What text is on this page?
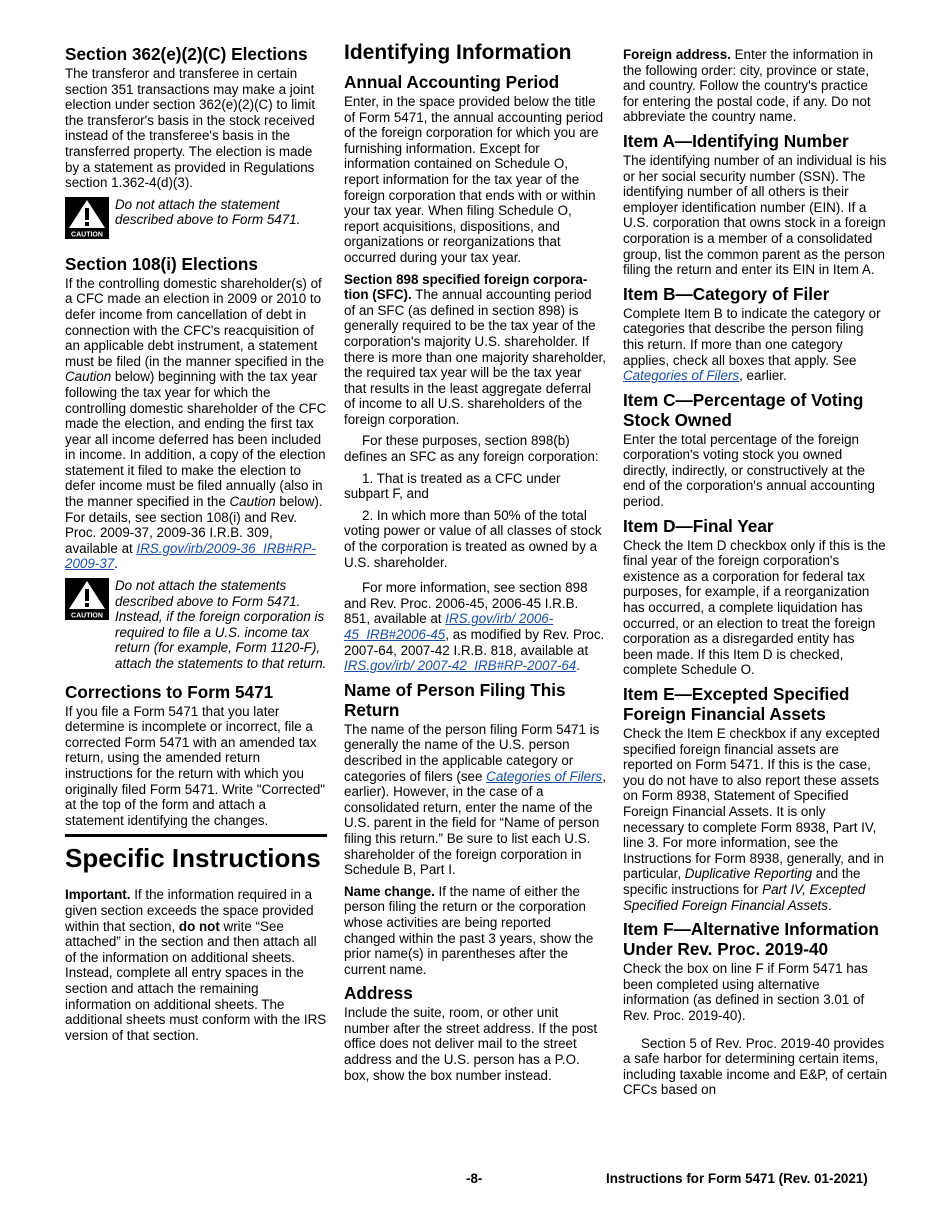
Section 362(e)(2)(C) Elections

The transferor and transferee in certain section 351 transactions may make a joint election under section 362(e)(2)(C) to limit the transferor's basis in the stock received instead of the transferee's basis in the transferred property. The election is made by a statement as provided in Regulations section 1.362-4(d)(3).

CAUTION
Do not attach the statement described above to Form 5471.
Section 108(i) Elections

If the controlling domestic shareholder(s) of a CFC made an election in 2009 or 2010 to defer income from cancellation of debt in connection with the CFC's reacquisition of an applicable debt instrument, a statement must be filed (in the manner specified in the Caution below) beginning with the tax year following the tax year for which the controlling domestic shareholder of the CFC made the election, and ending the first tax year all income deferred has been included in income. In addition, a copy of the election statement it filed to make the election to defer income must be filed annually (also in the manner specified in the Caution below). For details, see section 108(i) and Rev. Proc. 2009-37, 2009-36 I.R.B. 309, available at IRS.gov/irb/2009-36_IRB#RP-2009-37.

CAUTION
Do not attach the statements described above to Form 5471. Instead, if the foreign corporation is required to file a U.S. income tax return (for example, Form 1120-F), attach the statements to that return.
Corrections to Form 5471

If you file a Form 5471 that you later determine is incomplete or incorrect, file a corrected Form 5471 with an amended tax return, using the amended return instructions for the return with which you originally filed Form 5471. Write "Corrected" at the top of the form and attach a statement identifying the changes.

Specific Instructions

Important. If the information required in a given section exceeds the space provided within that section, do not write “See attached” in the section and then attach all of the information on additional sheets. Instead, complete all entry spaces in the section and attach the remaining information on additional sheets. The additional sheets must conform with the IRS version of that section.

Identifying Information
Annual Accounting Period

Enter, in the space provided below the title of Form 5471, the annual accounting period of the foreign corporation for which you are furnishing information. Except for information contained on Schedule O, report information for the tax year of the foreign corporation that ends with or within your tax year. When filing Schedule O, report acquisitions, dispositions, and organizations or reorganizations that occurred during your tax year.

Section 898 specified foreign corpora-tion (SFC). The annual accounting period of an SFC (as defined in section 898) is generally required to be the tax year of the corporation's majority U.S. shareholder. If there is more than one majority shareholder, the required tax year will be the tax year that results in the least aggregate deferral of income to all U.S. shareholders of the foreign corporation.

For these purposes, section 898(b) defines an SFC as any foreign corporation:

1. That is treated as a CFC under subpart F, and

2. In which more than 50% of the total voting power or value of all classes of stock of the corporation is treated as owned by a U.S. shareholder.

For more information, see section 898 and Rev. Proc. 2006-45, 2006-45 I.R.B. 851, available at IRS.gov/irb/ 2006-45_IRB#2006-45, as modified by Rev. Proc. 2007-64, 2007-42 I.R.B. 818, available at IRS.gov/irb/ 2007-42_IRB#RP-2007-64.

Name of Person Filing This Return

The name of the person filing Form 5471 is generally the name of the U.S. person described in the applicable category or categories of filers (see Categories of Filers, earlier). However, in the case of a consolidated return, enter the name of the U.S. parent in the field for “Name of person filing this return.” Be sure to list each U.S. shareholder of the foreign corporation in Schedule B, Part I.

Name change. If the name of either the person filing the return or the corporation whose activities are being reported changed within the past 3 years, show the prior name(s) in parentheses after the current name.

Address

Include the suite, room, or other unit number after the street address. If the post office does not deliver mail to the street address and the U.S. person has a P.O. box, show the box number instead.

Foreign address. Enter the information in the following order: city, province or state, and country. Follow the country's practice for entering the postal code, if any. Do not abbreviate the country name.

Item A—Identifying Number

The identifying number of an individual is his or her social security number (SSN). The identifying number of all others is their employer identification number (EIN). If a U.S. corporation that owns stock in a foreign corporation is a member of a consolidated group, list the common parent as the person filing the return and enter its EIN in Item A.

Item B—Category of Filer

Complete Item B to indicate the category or categories that describe the person filing this return. If more than one category applies, check all boxes that apply. See Categories of Filers, earlier.

Item C—Percentage of Voting Stock Owned

Enter the total percentage of the foreign corporation's voting stock you owned directly, indirectly, or constructively at the end of the corporation's annual accounting period.

Item D—Final Year

Check the Item D checkbox only if this is the final year of the foreign corporation's existence as a corporation for federal tax purposes, for example, if a reorganization has occurred, a complete liquidation has occurred, or an election to treat the foreign corporation as a disregarded entity has been made. If this Item D is checked, complete Schedule O.

Item E—Excepted Specified Foreign Financial Assets

Check the Item E checkbox if any excepted specified foreign financial assets are reported on Form 5471. If this is the case, you do not have to also report these assets on Form 8938, Statement of Specified Foreign Financial Assets. It is only necessary to complete Form 8938, Part IV, line 3. For more information, see the Instructions for Form 8938, generally, and in particular, Duplicative Reporting and the specific instructions for Part IV, Excepted Specified Foreign Financial Assets.

Item F—Alternative Information Under Rev. Proc. 2019-40

Check the box on line F if Form 5471 has been completed using alternative information (as defined in section 3.01 of Rev. Proc. 2019-40).

Section 5 of Rev. Proc. 2019-40 provides a safe harbor for determining certain items, including taxable income and E&P, of certain CFCs based on

-8-	Instructions for Form 5471 (Rev. 01-2021)
